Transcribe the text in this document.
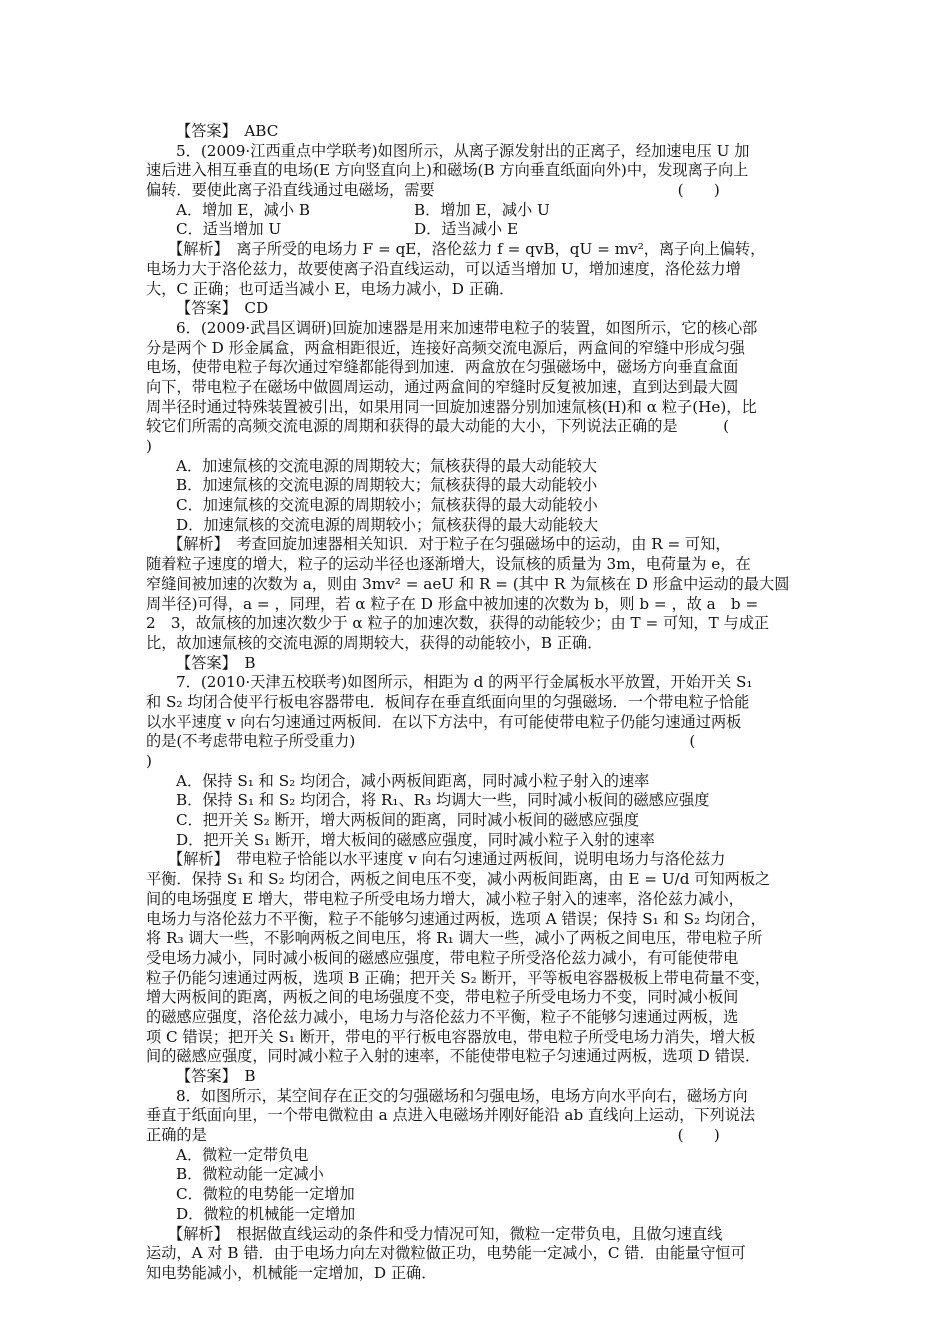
【答案】　ABC
5．(2009·江西重点中学联考)如图所示，从离子源发射出的正离子，经加速电压 U 加
速后进入相互垂直的电场(E 方向竖直向上)和磁场(B 方向垂直纸面向外)中，发现离子向上
偏转．要使此离子沿直线通过电磁场，需要　　　　　　　　　　　　　　　　(　　)
A．增加 E，减小 B	B．增加 E，减小 U
C．适当增加 U	D．适当减小 E
【解析】　离子所受的电场力 F = qE，洛伦兹力 f = qvB，qU = mv²，离子向上偏转，
电场力大于洛伦兹力，故要使离子沿直线运动，可以适当增加 U，增加速度，洛伦兹力增
大，C 正确；也可适当减小 E，电场力减小，D 正确．
【答案】　CD
6．(2009·武昌区调研)回旋加速器是用来加速带电粒子的装置，如图所示，它的核心部
分是两个 D 形金属盒，两盒相距很近，连接好高频交流电源后，两盒间的窄缝中形成匀强
电场，使带电粒子每次通过窄缝都能得到加速．两盒放在匀强磁场中，磁场方向垂直盒面
向下，带电粒子在磁场中做圆周运动，通过两盒间的窄缝时反复被加速，直到达到最大圆
周半径时通过特殊装置被引出，如果用同一回旋加速器分别加速氚核(H)和 α 粒子(He)，比
较它们所需的高频交流电源的周期和获得的最大动能的大小，下列说法正确的是　　　(
)
A．加速氚核的交流电源的周期较大；氚核获得的最大动能较大
B．加速氚核的交流电源的周期较大；氚核获得的最大动能较小
C．加速氚核的交流电源的周期较小；氚核获得的最大动能较小
D．加速氚核的交流电源的周期较小；氚核获得的最大动能较大
【解析】　考查回旋加速器相关知识．对于粒子在匀强磁场中的运动，由 R = 可知，
随着粒子速度的增大，粒子的运动半径也逐渐增大，设氚核的质量为 3m，电荷量为 e，在
窄缝间被加速的次数为 a，则由 3mv² = aeU 和 R = (其中 R 为氚核在 D 形盒中运动的最大圆
周半径)可得，a = ，同理，若 α 粒子在 D 形盒中被加速的次数为 b，则 b = ，故 a　b =
2　3，故氚核的加速次数少于 α 粒子的加速次数，获得的动能较少；由 T = 可知，T 与成正
比，故加速氚核的交流电源的周期较大，获得的动能较小，B 正确．
【答案】　B
7．(2010·天津五校联考)如图所示，相距为 d 的两平行金属板水平放置，开始开关 S₁
和 S₂ 均闭合使平行板电容器带电．板间存在垂直纸面向里的匀强磁场．一个带电粒子恰能
以水平速度 v 向右匀速通过两板间．在以下方法中，有可能使带电粒子仍能匀速通过两板
的是(不考虑带电粒子所受重力)　　　　　　　　　　　　　　　　　　　　　　(
)
A．保持 S₁ 和 S₂ 均闭合，减小两板间距离，同时减小粒子射入的速率
B．保持 S₁ 和 S₂ 均闭合，将 R₁、R₃ 均调大一些，同时减小板间的磁感应强度
C．把开关 S₂ 断开，增大两板间的距离，同时减小板间的磁感应强度
D．把开关 S₁ 断开，增大板间的磁感应强度，同时减小粒子入射的速率
【解析】　带电粒子恰能以水平速度 v 向右匀速通过两板间，说明电场力与洛伦兹力
平衡．保持 S₁ 和 S₂ 均闭合，两板之间电压不变，减小两板间距离，由 E = U/d 可知两板之
间的电场强度 E 增大，带电粒子所受电场力增大，减小粒子射入的速率，洛伦兹力减小，
电场力与洛伦兹力不平衡，粒子不能够匀速通过两板，选项 A 错误；保持 S₁ 和 S₂ 均闭合，
将 R₃ 调大一些，不影响两板之间电压，将 R₁ 调大一些，减小了两板之间电压，带电粒子所
受电场力减小，同时减小板间的磁感应强度，带电粒子所受洛伦兹力减小，有可能使带电
粒子仍能匀速通过两板，选项 B 正确；把开关 S₂ 断开，平等板电容器极板上带电荷量不变，
增大两板间的距离，两板之间的电场强度不变，带电粒子所受电场力不变，同时减小板间
的磁感应强度，洛伦兹力减小，电场力与洛伦兹力不平衡，粒子不能够匀速通过两板，选
项 C 错误；把开关 S₁ 断开，带电的平行板电容器放电，带电粒子所受电场力消失，增大板
间的磁感应强度，同时减小粒子入射的速率，不能使带电粒子匀速通过两板，选项 D 错误．
【答案】　B
8．如图所示，某空间存在正交的匀强磁场和匀强电场，电场方向水平向右，磁场方向
垂直于纸面向里，一个带电微粒由 a 点进入电磁场并刚好能沿 ab 直线向上运动，下列说法
正确的是　　　　　　　　　　　　　　　　　　　　　　　　　　　　　　　(　　)
A．微粒一定带负电
B．微粒动能一定减小
C．微粒的电势能一定增加
D．微粒的机械能一定增加
【解析】　根据做直线运动的条件和受力情况可知，微粒一定带负电，且做匀速直线
运动，A 对 B 错．由于电场力向左对微粒做正功，电势能一定减小，C 错．由能量守恒可
知电势能减小，机械能一定增加，D 正确．
